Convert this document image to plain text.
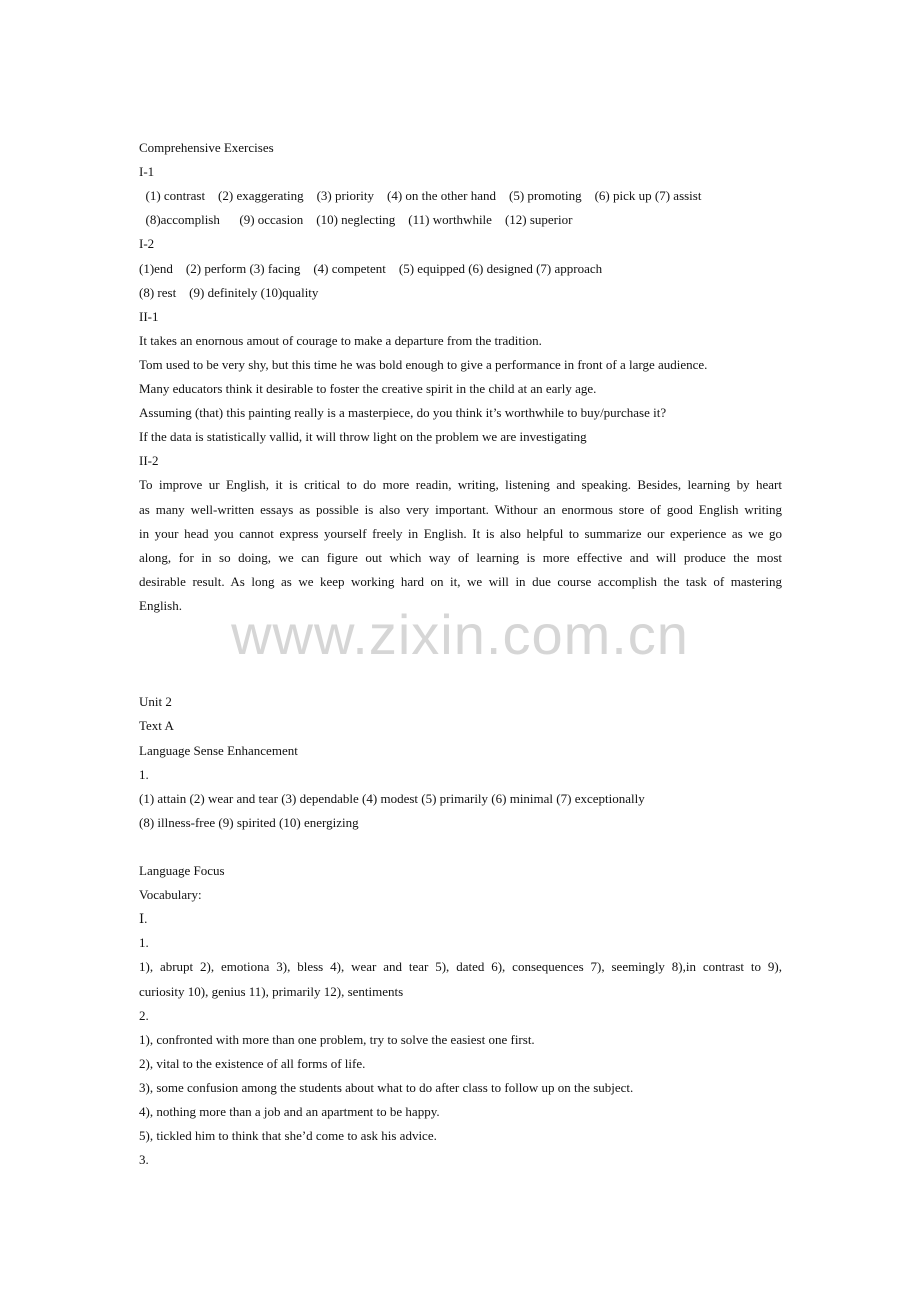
Comprehensive Exercises
I-1
(1) contrast    (2) exaggerating    (3) priority    (4) on the other hand    (5) promoting    (6) pick up (7) assist
(8)accomplish      (9) occasion    (10) neglecting    (11) worthwhile    (12) superior
I-2
(1)end    (2) perform (3) facing    (4) competent    (5) equipped (6) designed (7) approach
(8) rest    (9) definitely (10)quality
II-1
It takes an enornous amout of courage to make a departure from the tradition.
Tom used to be very shy, but this time he was bold enough to give a performance in front of a large audience.
Many educators think it desirable to foster the creative spirit in the child at an early age.
Assuming (that) this painting really is a masterpiece, do you think it’s worthwhile to buy/purchase it?
If the data is statistically vallid, it will throw light on the problem we are investigating
II-2
To improve ur English, it is critical to do more readin, writing, listening and speaking. Besides, learning by heart
as many well-written essays as possible is also very important. Withour an enormous store of good English writing
in your head you cannot express yourself freely in English. It is also helpful to summarize our experience as we go
along, for in so doing, we can figure out which way of learning is more effective and will produce the most
desirable result. As long as we keep working hard on it, we will in due course accomplish the task of mastering
English.
Unit 2
Text A
Language Sense Enhancement
1.
(1) attain (2) wear and tear (3) dependable (4) modest (5) primarily (6) minimal (7) exceptionally
(8) illness-free (9) spirited (10) energizing
Language Focus
Vocabulary:
Ⅰ.
1.
1), abrupt 2), emotiona 3), bless 4), wear and tear 5), dated 6), consequences 7), seemingly 8),in contrast to 9),
curiosity 10), genius 11), primarily 12), sentiments
2.
1), confronted with more than one problem, try to solve the easiest one first.
2), vital to the existence of all forms of life.
3), some confusion among the students about what to do after class to follow up on the subject.
4), nothing more than a job and an apartment to be happy.
5), tickled him to think that she’d come to ask his advice.
3.
www.zixin.com.cn
